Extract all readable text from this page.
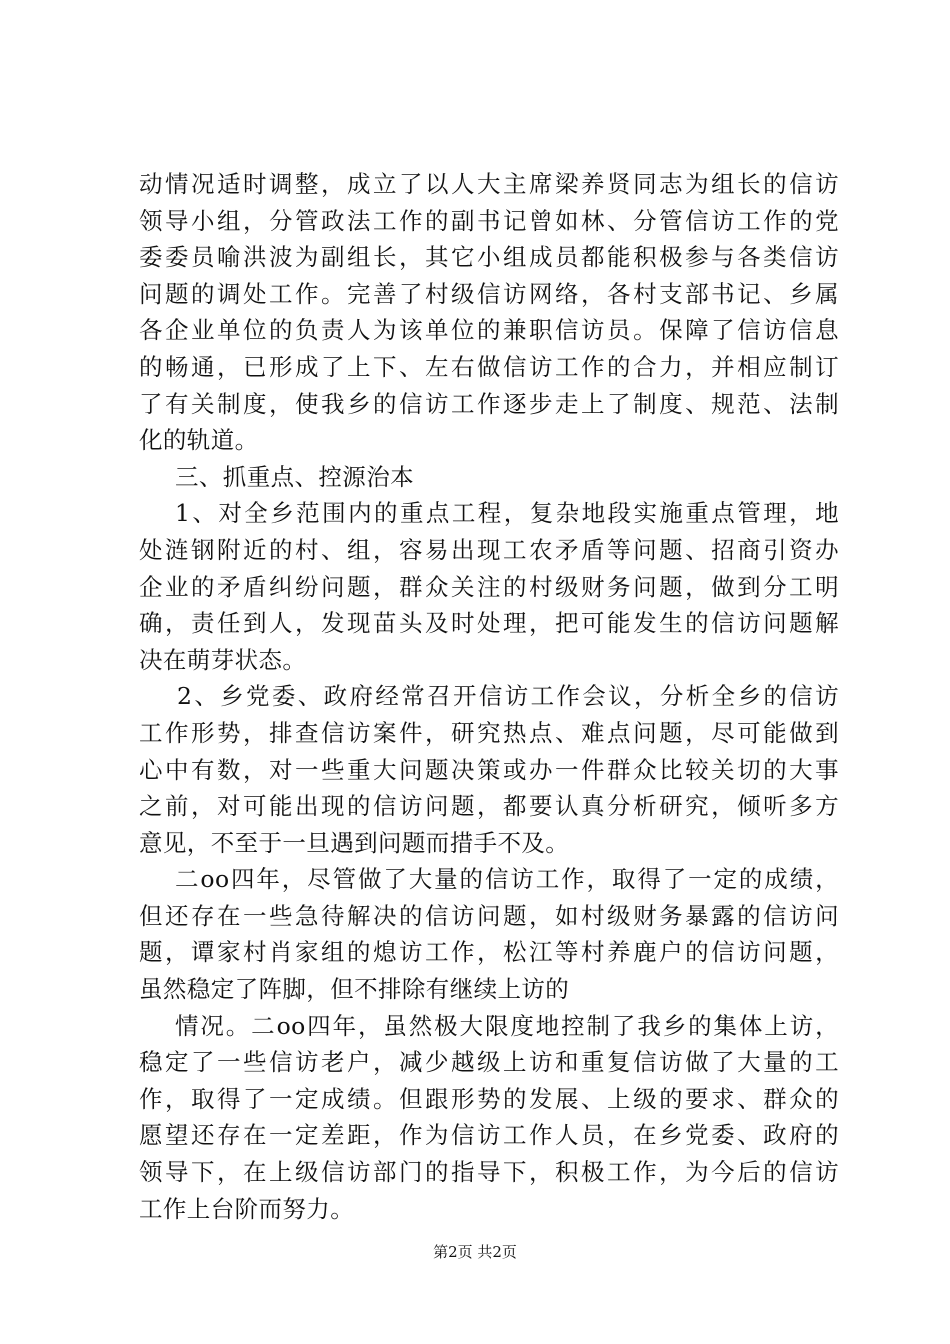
动情况适时调整，成立了以人大主席梁养贤同志为组长的信访
领导小组，分管政法工作的副书记曾如林、分管信访工作的党
委委员喻洪波为副组长，其它小组成员都能积极参与各类信访
问题的调处工作。完善了村级信访网络，各村支部书记、乡属
各企业单位的负责人为该单位的兼职信访员。保障了信访信息
的畅通，已形成了上下、左右做信访工作的合力，并相应制订
了有关制度，使我乡的信访工作逐步走上了制度、规范、法制
化的轨道。
三、抓重点、控源治本
1、对全乡范围内的重点工程，复杂地段实施重点管理，地
处涟钢附近的村、组，容易出现工农矛盾等问题、招商引资办
企业的矛盾纠纷问题，群众关注的村级财务问题，做到分工明
确，责任到人，发现苗头及时处理，把可能发生的信访问题解
决在萌芽状态。
2、乡党委、政府经常召开信访工作会议，分析全乡的信访
工作形势，排查信访案件，研究热点、难点问题，尽可能做到
心中有数，对一些重大问题决策或办一件群众比较关切的大事
之前，对可能出现的信访问题，都要认真分析研究，倾听多方
意见，不至于一旦遇到问题而措手不及。
二oo四年，尽管做了大量的信访工作，取得了一定的成绩，
但还存在一些急待解决的信访问题，如村级财务暴露的信访问
题，谭家村肖家组的熄访工作，松江等村养鹿户的信访问题，
虽然稳定了阵脚，但不排除有继续上访的
情况。二oo四年，虽然极大限度地控制了我乡的集体上访，
稳定了一些信访老户，减少越级上访和重复信访做了大量的工
作，取得了一定成绩。但跟形势的发展、上级的要求、群众的
愿望还存在一定差距，作为信访工作人员，在乡党委、政府的
领导下，在上级信访部门的指导下，积极工作，为今后的信访
工作上台阶而努力。
第2页 共2页
